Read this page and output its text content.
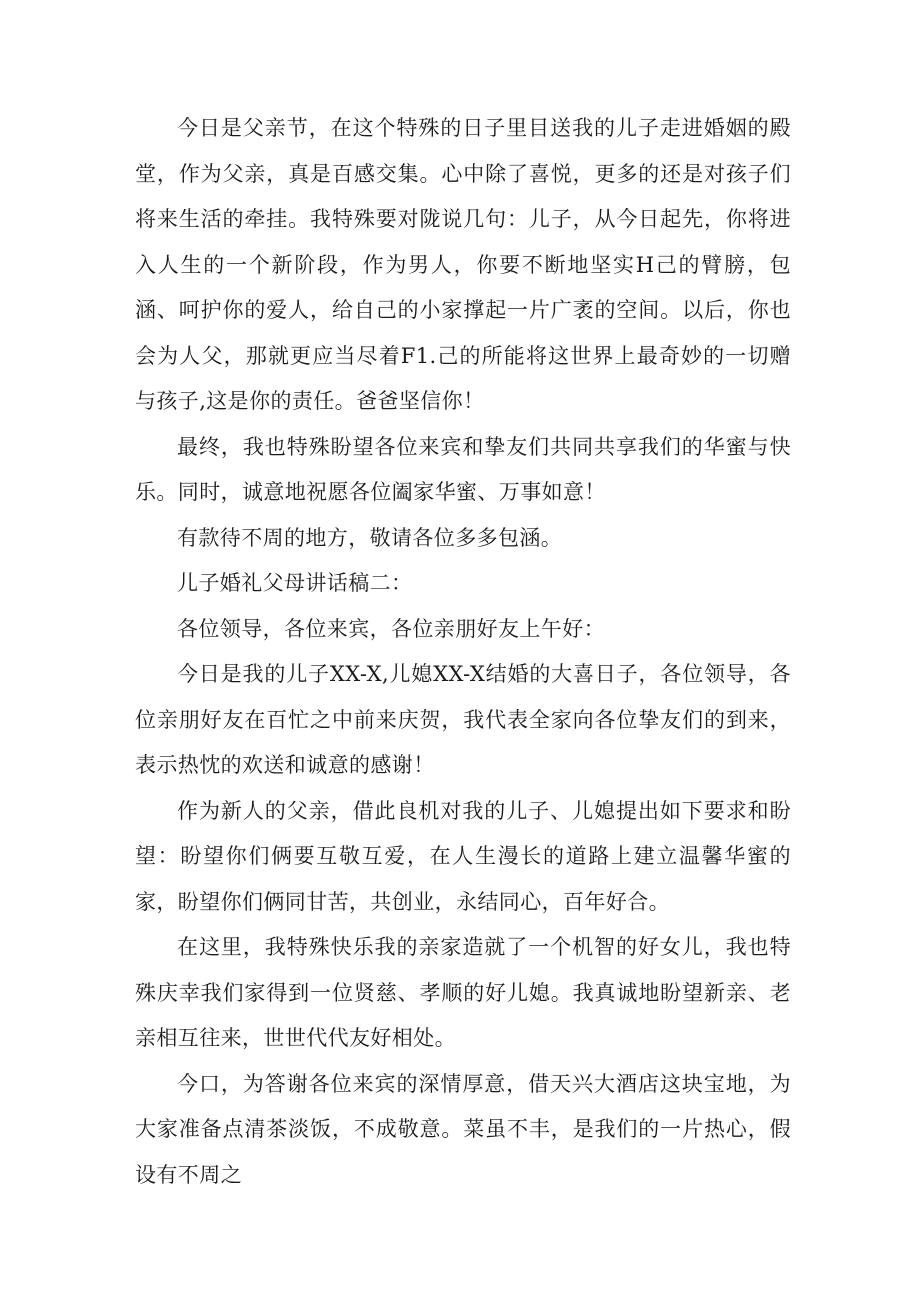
今日是父亲节，在这个特殊的日子里目送我的儿子走进婚姻的殿堂，作为父亲，真是百感交集。心中除了喜悦，更多的还是对孩子们将来生活的牵挂。我特殊要对陇说几句：儿子，从今日起先，你将进入人生的一个新阶段，作为男人，你要不断地坚实H己的臂膀，包涵、呵护你的爱人，给自己的小家撑起一片广袤的空间。以后，你也会为人父，那就更应当尽着F1.己的所能将这世界上最奇妙的一切赠与孩子,这是你的责任。爸爸坚信你！

最终，我也特殊盼望各位来宾和挚友们共同共享我们的华蜜与快乐。同时，诚意地祝愿各位阖家华蜜、万事如意！

有款待不周的地方，敬请各位多多包涵。

儿子婚礼父母讲话稿二：

各位领导，各位来宾，各位亲朋好友上午好：

今日是我的儿子XX-X,儿媳XX-X结婚的大喜日子，各位领导，各位亲朋好友在百忙之中前来庆贺，我代表全家向各位挚友们的到来，表示热忱的欢送和诚意的感谢！

作为新人的父亲，借此良机对我的儿子、儿媳提出如下要求和盼望：盼望你们俩要互敬互爱，在人生漫长的道路上建立温馨华蜜的家，盼望你们俩同甘苦，共创业，永结同心，百年好合。

在这里，我特殊快乐我的亲家造就了一个机智的好女儿，我也特殊庆幸我们家得到一位贤慈、孝顺的好儿媳。我真诚地盼望新亲、老亲相互往来，世世代代友好相处。

今口，为答谢各位来宾的深情厚意，借天兴大酒店这块宝地，为大家准备点清茶淡饭，不成敬意。菜虽不丰，是我们的一片热心，假设有不周之
